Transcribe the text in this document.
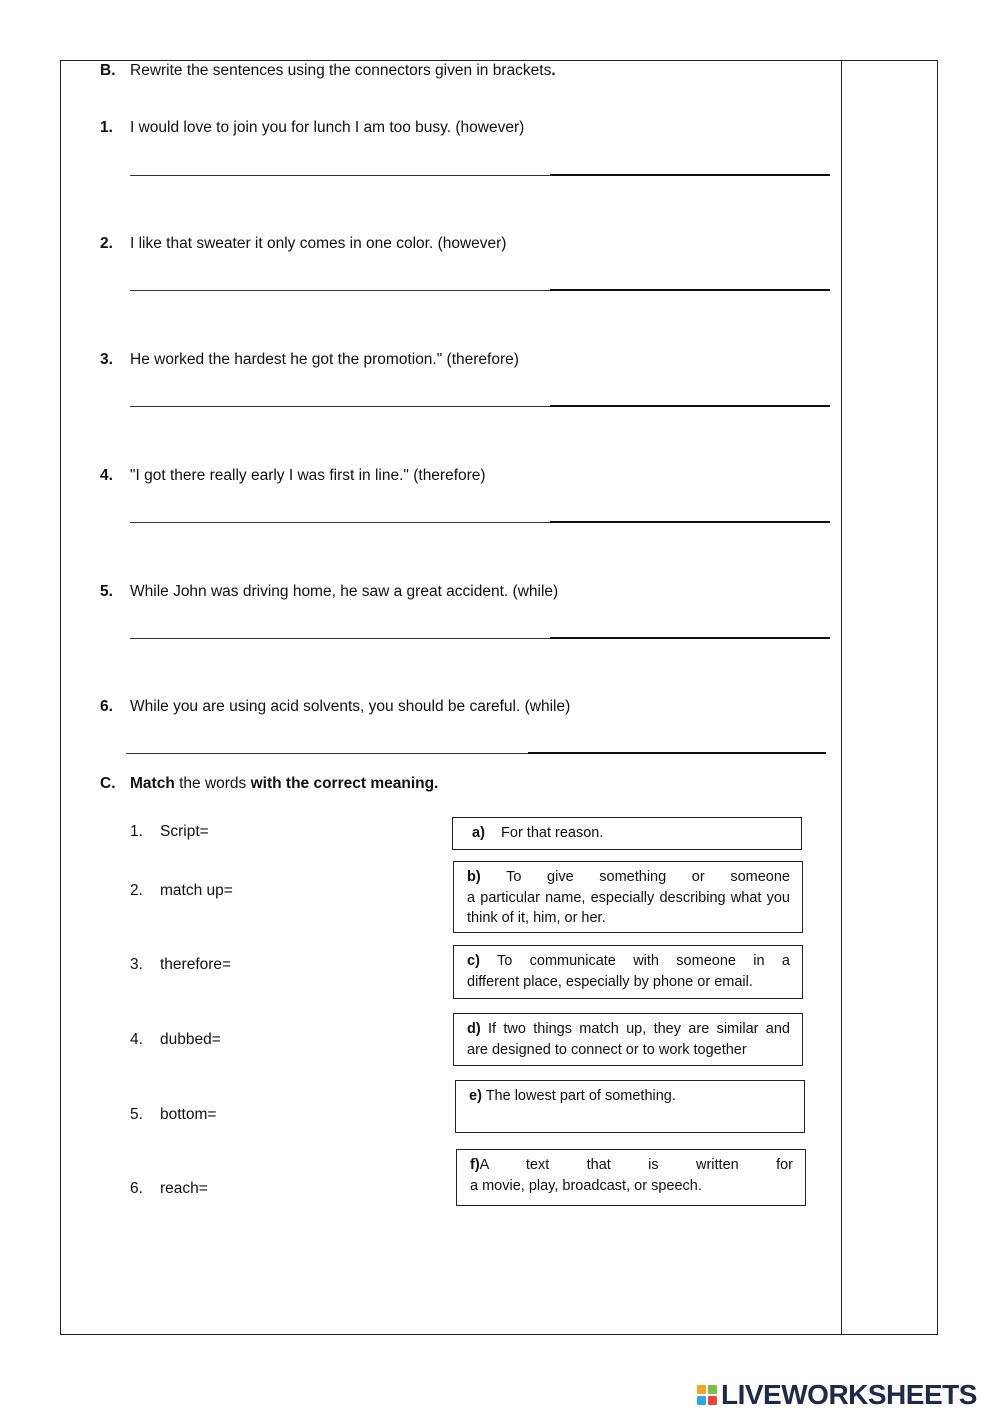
B. Rewrite the sentences using the connectors given in brackets.
1. I would love to join you for lunch I am too busy. (however)
2. I like that sweater it only comes in one color. (however)
3. He worked the hardest he got the promotion." (therefore)
4. "I got there really early I was first in line." (therefore)
5. While John was driving home, he saw a great accident. (while)
6. While you are using acid solvents, you should be careful. (while)
C. Match the words with the correct meaning.
1. Script=
2. match up=
3. therefore=
4. dubbed=
5. bottom=
6. reach=
a) For that reason.
b) To give something or someone
a particular name, especially describing what you think of it, him, or her.
c) To communicate with someone in a
different place, especially by phone or email.
d) If two things match up, they are similar and
are designed to connect or to work together
e) The lowest part of something.
f)A text that is written for
a movie, play, broadcast, or speech.
LIVEWORKSHEETS
